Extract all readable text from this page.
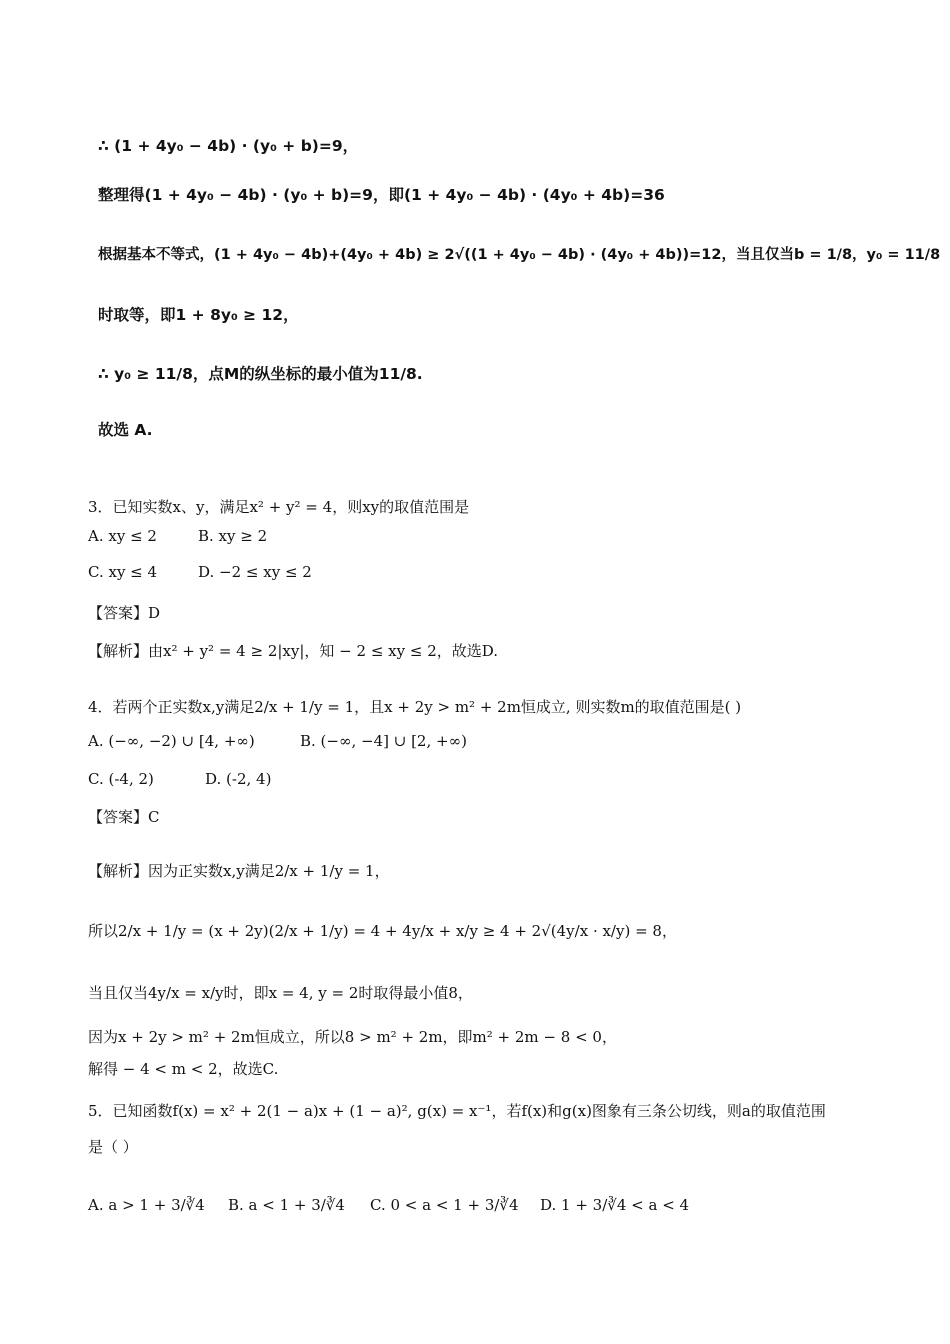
∴ (1 + 4y₀ − 4b) · (y₀ + b)=9，
整理得(1 + 4y₀ − 4b) · (y₀ + b)=9，即(1 + 4y₀ − 4b) · (4y₀ + 4b)=36
根据基本不等式，(1 + 4y₀ − 4b)+(4y₀ + 4b) ≥ 2√((1 + 4y₀ − 4b) · (4y₀ + 4b))=12，当且仅当b = 1/8，y₀ = 11/8
时取等，即1 + 8y₀ ≥ 12，
∴ y₀ ≥ 11/8，点M的纵坐标的最小值为11/8.
故选 A.
3．已知实数x、y，满足x² + y² = 4，则xy的取值范围是
A. xy ≤ 2	B. xy ≥ 2
C. xy ≤ 4	D. −2 ≤ xy ≤ 2
【答案】D
【解析】由x² + y² = 4 ≥ 2|xy|，知 − 2 ≤ xy ≤ 2，故选D.
4．若两个正实数x,y满足2/x + 1/y = 1，且x + 2y > m² + 2m恒成立, 则实数m的取值范围是( )
A. (−∞, −2) ∪ [4, +∞)	B. (−∞, −4] ∪ [2, +∞)
C. (-4, 2)	D. (-2, 4)
【答案】C
【解析】因为正实数x,y满足2/x + 1/y = 1，
所以2/x + 1/y = (x + 2y)(2/x + 1/y) = 4 + 4y/x + x/y ≥ 4 + 2√(4y/x · x/y) = 8，
当且仅当4y/x = x/y时，即x = 4, y = 2时取得最小值8，
因为x + 2y > m² + 2m恒成立，所以8 > m² + 2m，即m² + 2m − 8 < 0，
解得 − 4 < m < 2，故选C.
5．已知函数f(x) = x² + 2(1 − a)x + (1 − a)², g(x) = x⁻¹，若f(x)和g(x)图象有三条公切线，则a的取值范围
是（ ）
A. a > 1 + 3/∛4 B. a < 1 + 3/∛4 C. 0 < a < 1 + 3/∛4 D. 1 + 3/∛4 < a < 4
